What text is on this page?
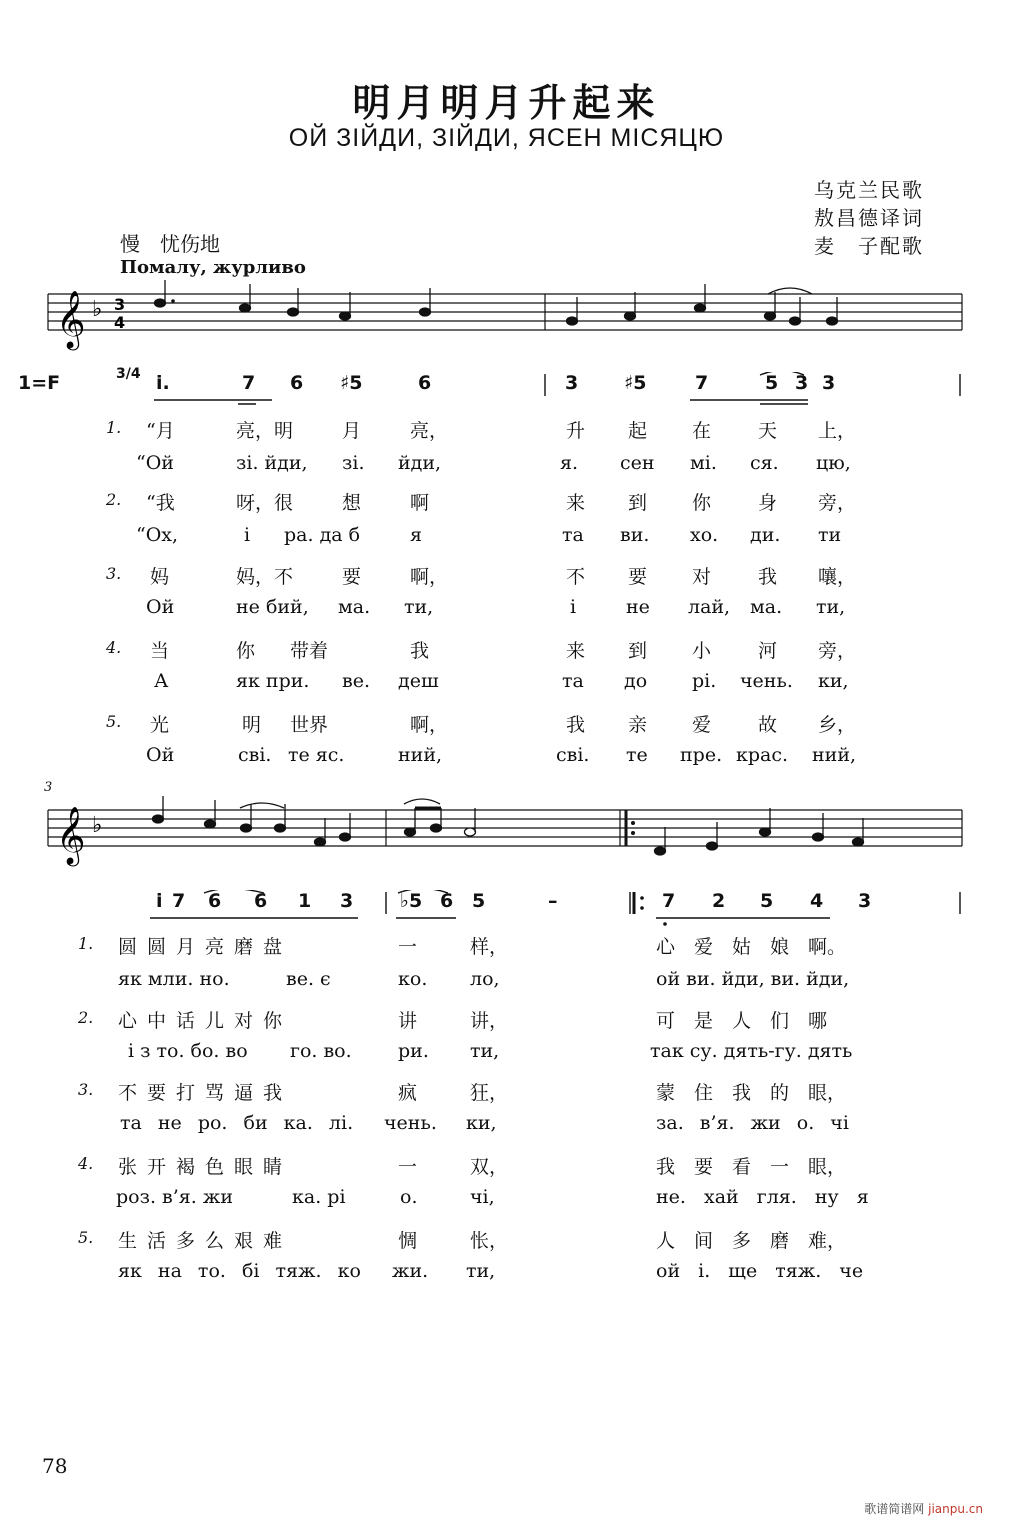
明月明月升起来
ОЙ ЗІЙДИ, ЗІЙДИ, ЯСЕН МІСЯЦЮ
乌克兰民歌
敖昌德译词
麦　子配歌
慢　忧伤地
Помалу, журливо
𝄞 ♭ 3
4
1=F	3/4 i.	7 6 ♯5	6	3 ♯5	7	5 3 3
1. “月	亮，明	月	亮，	升 起 在 天 上，
“Ой	зі. йди, зі. йди,	я. сен мі. ся. цю,
2. “我	呀，很	想	啊	来 到 你 身 旁，
“Ох,	і ра. да б	я	та ви. хо. ди. ти
3. 妈	妈，不	要	啊，	不 要 对 我 嚷，
Ой	не бий, ма. ти,	і	не лай, ма. ти,
4. 当	你 带着	我	来 到 小 河 旁，
А	як при. ве. деш	та до рі. чень. ки,
5. 光	明 世界	啊，	我 亲 爱 故 乡，
Ой	сві. те яс.	ний,	сві. те пре. крас. ний,
3
𝄞 ♭
i 7 6 6 1 3 ♭5 6 5	–	7 2 5 4 3
1. 圆圆月亮磨盘	一	样，	心　爱　姑　娘　啊。
як мли. но.	ве. є	ко. ло,	ой ви. йди, ви. йди,
2. 心中话儿对你	讲	讲，	可　是　人　们　哪
і з то. бо. во го. во. ри. ти,	так су. дять-гу. дять
3. 不要打骂逼我	疯	狂，	蒙　住　我　的　眼，
та не ро. би ка. лі. чень. ки,	за. в’я. жи о. чі
4. 张开褐色眼睛	一	双，	我　要　看　一　眼，
роз. в’я. жи	ка. рі	о.	чі,	не. хай гля. ну я
5. 生活多么艰难	惆	怅，	人　间　多　磨　难，
як на то. бі тяж. ко жи. ти,	ой і. ще тяж. че
78
歌谱简谱网 jianpu.cn
